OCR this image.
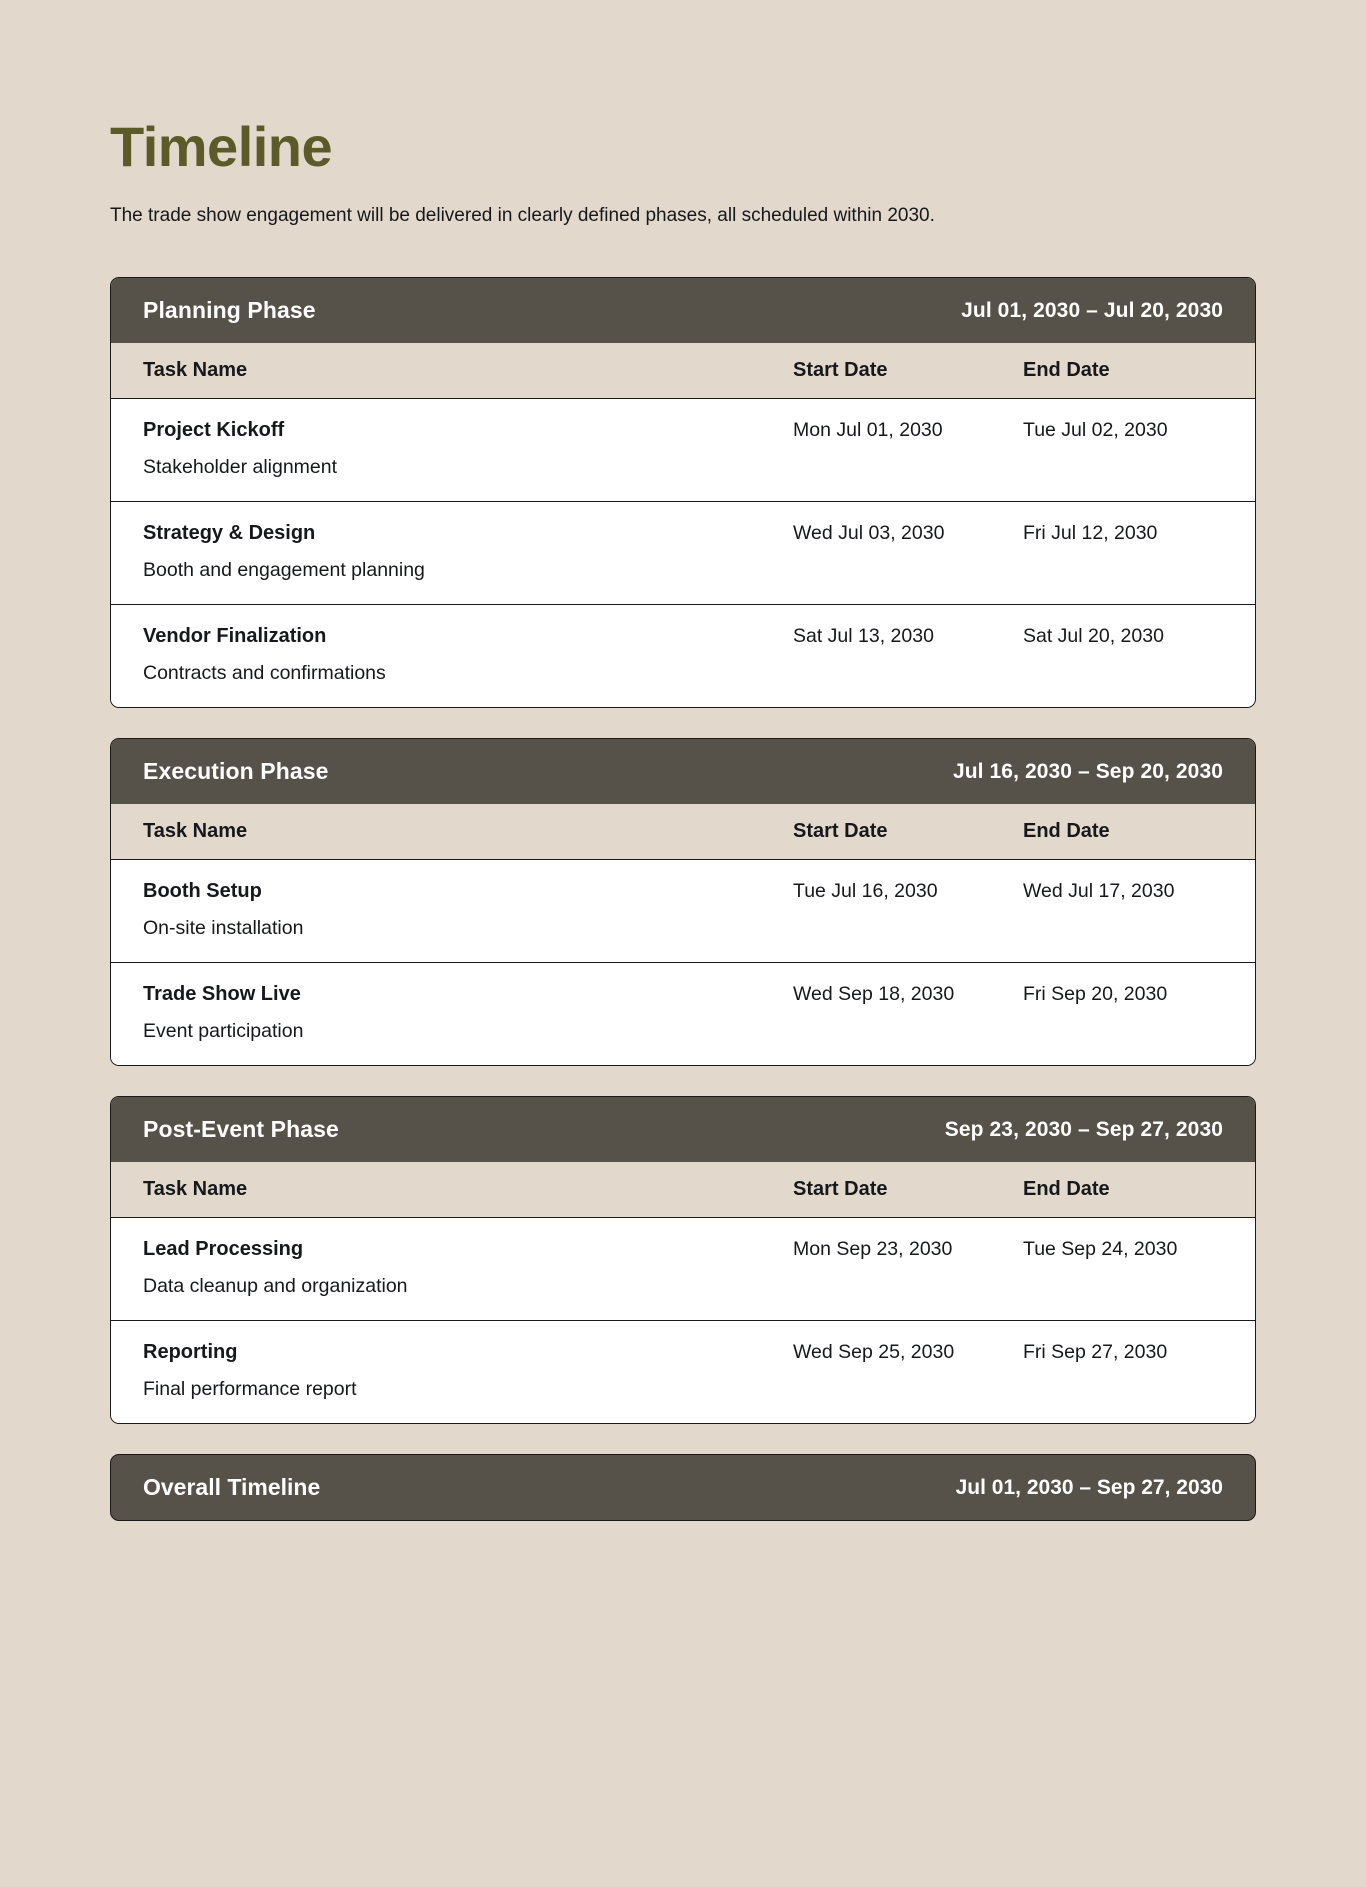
Timeline

The trade show engagement will be delivered in clearly defined phases, all scheduled within 2030.

Planning Phase	Jul 01, 2030 – Jul 20, 2030
Task Name	Start Date	End Date
Project Kickoff	Mon Jul 01, 2030	Tue Jul 02, 2030
Stakeholder alignment
Strategy & Design	Wed Jul 03, 2030	Fri Jul 12, 2030
Booth and engagement planning
Vendor Finalization	Sat Jul 13, 2030	Sat Jul 20, 2030
Contracts and confirmations
Execution Phase	Jul 16, 2030 – Sep 20, 2030
Task Name	Start Date	End Date
Booth Setup	Tue Jul 16, 2030	Wed Jul 17, 2030
On-site installation
Trade Show Live	Wed Sep 18, 2030	Fri Sep 20, 2030
Event participation
Post-Event Phase	Sep 23, 2030 – Sep 27, 2030
Task Name	Start Date	End Date
Lead Processing	Mon Sep 23, 2030	Tue Sep 24, 2030
Data cleanup and organization
Reporting	Wed Sep 25, 2030	Fri Sep 27, 2030
Final performance report
Overall Timeline	Jul 01, 2030 – Sep 27, 2030
